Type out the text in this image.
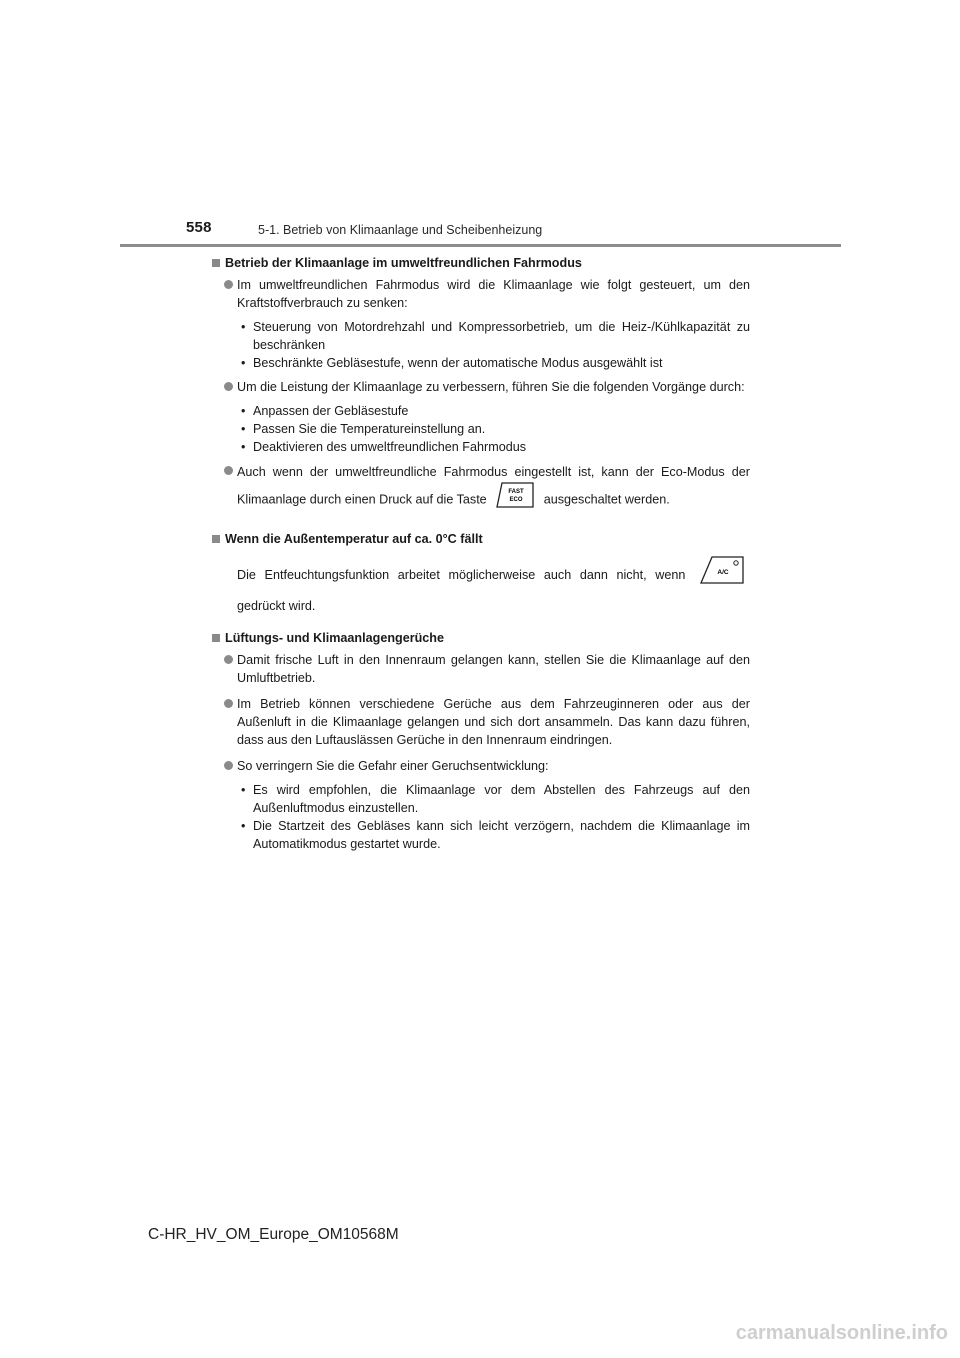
558	5-1. Betrieb von Klimaanlage und Scheibenheizung
Betrieb der Klimaanlage im umweltfreundlichen Fahrmodus
Im umweltfreundlichen Fahrmodus wird die Klimaanlage wie folgt gesteuert, um den Kraftstoffverbrauch zu senken:
• Steuerung von Motordrehzahl und Kompressorbetrieb, um die Heiz-/Kühlkapazität zu beschränken
• Beschränkte Gebläsestufe, wenn der automatische Modus ausgewählt ist
Um die Leistung der Klimaanlage zu verbessern, führen Sie die folgenden Vorgänge durch:
• Anpassen der Gebläsestufe
• Passen Sie die Temperatureinstellung an.
• Deaktivieren des umweltfreundlichen Fahrmodus
Auch wenn der umweltfreundliche Fahrmodus eingestellt ist, kann der Eco-Modus der Klimaanlage durch einen Druck auf die Taste
FAST
ECO ausgeschaltet werden.
Wenn die Außentemperatur auf ca. 0°C fällt
Die Entfeuchtungsfunktion arbeitet möglicherweise auch dann nicht, wenn	A/C
gedrückt wird.
Lüftungs- und Klimaanlagengerüche
Damit frische Luft in den Innenraum gelangen kann, stellen Sie die Klimaanlage auf den Umluftbetrieb.
Im Betrieb können verschiedene Gerüche aus dem Fahrzeuginneren oder aus der Außenluft in die Klimaanlage gelangen und sich dort ansammeln. Das kann dazu führen, dass aus den Luftauslässen Gerüche in den Innenraum eindringen.
So verringern Sie die Gefahr einer Geruchsentwicklung:
• Es wird empfohlen, die Klimaanlage vor dem Abstellen des Fahrzeugs auf den Außenluftmodus einzustellen.
• Die Startzeit des Gebläses kann sich leicht verzögern, nachdem die Klimaanlage im Automatikmodus gestartet wurde.
C-HR_HV_OM_Europe_OM10568M
carmanualsonline.info
